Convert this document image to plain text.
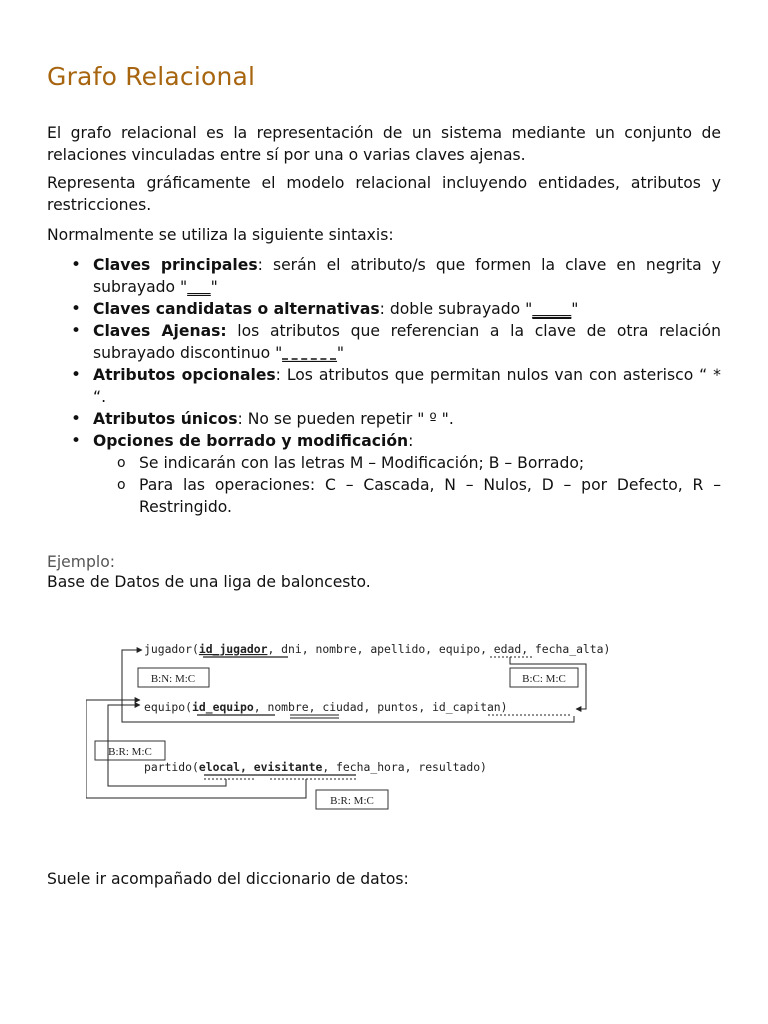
Grafo Relacional

El grafo relacional es la representación de un sistema mediante un conjunto de relaciones vinculadas entre sí por una o varias claves ajenas.

Representa gráficamente el modelo relacional incluyendo entidades, atributos y restricciones.

Normalmente se utiliza la siguiente sintaxis:

• Claves principales: serán el atributo/s que formen la clave en negrita y subrayado "___"
• Claves candidatas o alternativas: doble subrayado "_____"
• Claves Ajenas: los atributos que referencian a la clave de otra relación subrayado discontinuo "_______"
• Atributos opcionales: Los atributos que permitan nulos van con asterisco “ * “.
• Atributos únicos: No se pueden repetir " º ".
• Opciones de borrado y modificación:
o Se indicarán con las letras M – Modificación; B – Borrado;
o Para las operaciones: C – Cascada, N – Nulos, D – por Defecto, R – Restringido.

Ejemplo:

Base de Datos de una liga de baloncesto.

Suele ir acompañado del diccionario de datos:

jugador(id_jugador, dni, nombre, apellido, equipo, edad, fecha_alta)
equipo(id_equipo, nombre, ciudad, puntos, id_capitan)
partido(elocal, evisitante, fecha_hora, resultado)
B:N: M:C	B:C: M:C
B:R: M:C
B:R: M:C
